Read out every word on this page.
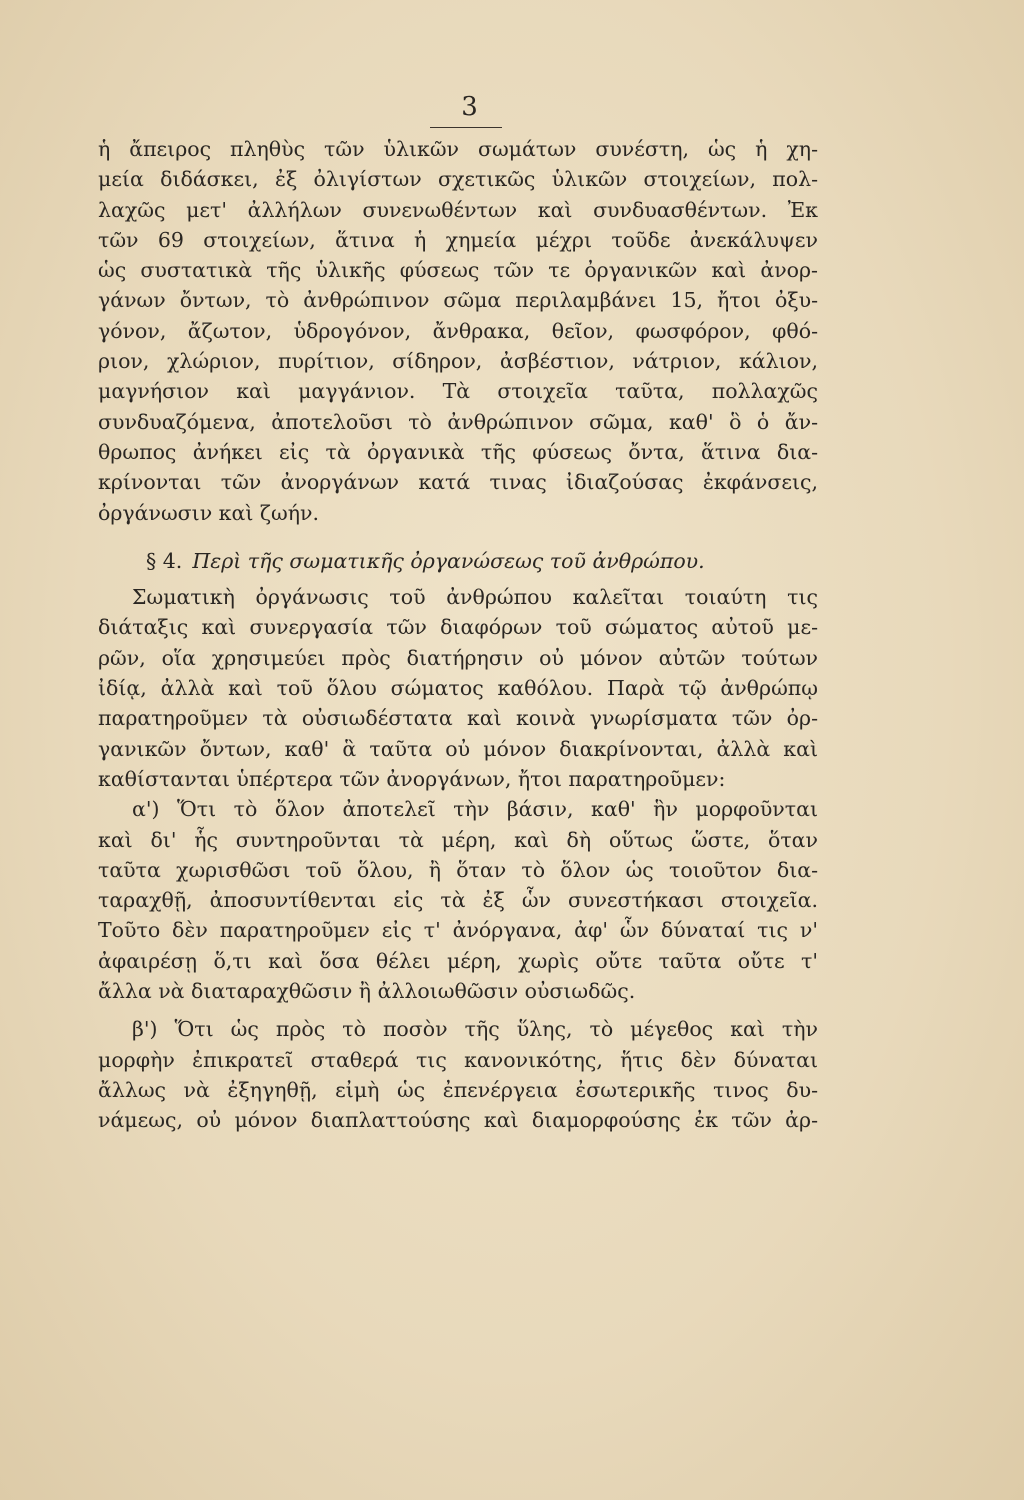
3
ἡ ἄπειρος πληθὺς τῶν ὑλικῶν σωμάτων συνέστη, ὡς ἡ χη-
μεία διδάσκει, ἐξ ὀλιγίστων σχετικῶς ὑλικῶν στοιχείων, πολ-
λαχῶς μετ' ἀλλήλων συνενωθέντων καὶ συνδυασθέντων. Ἐκ
τῶν 69 στοιχείων, ἅτινα ἡ χημεία μέχρι τοῦδε ἀνεκάλυψεν
ὡς συστατικὰ τῆς ὑλικῆς φύσεως τῶν τε ὀργανικῶν καὶ ἀνορ-
γάνων ὄντων, τὸ ἀνθρώπινον σῶμα περιλαμβάνει 15, ἤτοι ὀξυ-
γόνον, ἄζωτον, ὑδρογόνον, ἄνθρακα, θεῖον, φωσφόρον, φθό-
ριον, χλώριον, πυρίτιον, σίδηρον, ἀσβέστιον, νάτριον, κάλιον,
μαγνήσιον καὶ μαγγάνιον. Τὰ στοιχεῖα ταῦτα, πολλαχῶς
συνδυαζόμενα, ἀποτελοῦσι τὸ ἀνθρώπινον σῶμα, καθ' ὃ ὁ ἄν-
θρωπος ἀνήκει εἰς τὰ ὀργανικὰ τῆς φύσεως ὄντα, ἅτινα δια-
κρίνονται τῶν ἀνοργάνων κατά τινας ἰδιαζούσας ἐκφάνσεις,
ὀργάνωσιν καὶ ζωήν.
§ 4. Περὶ τῆς σωματικῆς ὀργανώσεως τοῦ ἀνθρώπου.
Σωματικὴ ὀργάνωσις τοῦ ἀνθρώπου καλεῖται τοιαύτη τις
διάταξις καὶ συνεργασία τῶν διαφόρων τοῦ σώματος αὐτοῦ με-
ρῶν, οἵα χρησιμεύει πρὸς διατήρησιν οὐ μόνον αὐτῶν τούτων
ἰδίᾳ, ἀλλὰ καὶ τοῦ ὅλου σώματος καθόλου. Παρὰ τῷ ἀνθρώπῳ
παρατηροῦμεν τὰ οὐσιωδέστατα καὶ κοινὰ γνωρίσματα τῶν ὀρ-
γανικῶν ὄντων, καθ' ἃ ταῦτα οὐ μόνον διακρίνονται, ἀλλὰ καὶ
καθίστανται ὑπέρτερα τῶν ἀνοργάνων, ἤτοι παρατηροῦμεν:
α') Ὅτι τὸ ὅλον ἀποτελεῖ τὴν βάσιν, καθ' ἣν μορφοῦνται
καὶ δι' ἧς συντηροῦνται τὰ μέρη, καὶ δὴ οὕτως ὥστε, ὅταν
ταῦτα χωρισθῶσι τοῦ ὅλου, ἢ ὅταν τὸ ὅλον ὡς τοιοῦτον δια-
ταραχθῇ, ἀποσυντίθενται εἰς τὰ ἐξ ὧν συνεστήκασι στοιχεῖα.
Τοῦτο δὲν παρατηροῦμεν εἰς τ' ἀνόργανα, ἀφ' ὧν δύναταί τις ν'
ἀφαιρέσῃ ὅ,τι καὶ ὅσα θέλει μέρη, χωρὶς οὔτε ταῦτα οὔτε τ'
ἄλλα νὰ διαταραχθῶσιν ἢ ἀλλοιωθῶσιν οὐσιωδῶς.
β') Ὅτι ὡς πρὸς τὸ ποσὸν τῆς ὕλης, τὸ μέγεθος καὶ τὴν
μορφὴν ἐπικρατεῖ σταθερά τις κανονικότης, ἥτις δὲν δύναται
ἄλλως νὰ ἐξηγηθῇ, εἰμὴ ὡς ἐπενέργεια ἐσωτερικῆς τινος δυ-
νάμεως, οὐ μόνον διαπλαττούσης καὶ διαμορφούσης ἐκ τῶν ἀρ-
